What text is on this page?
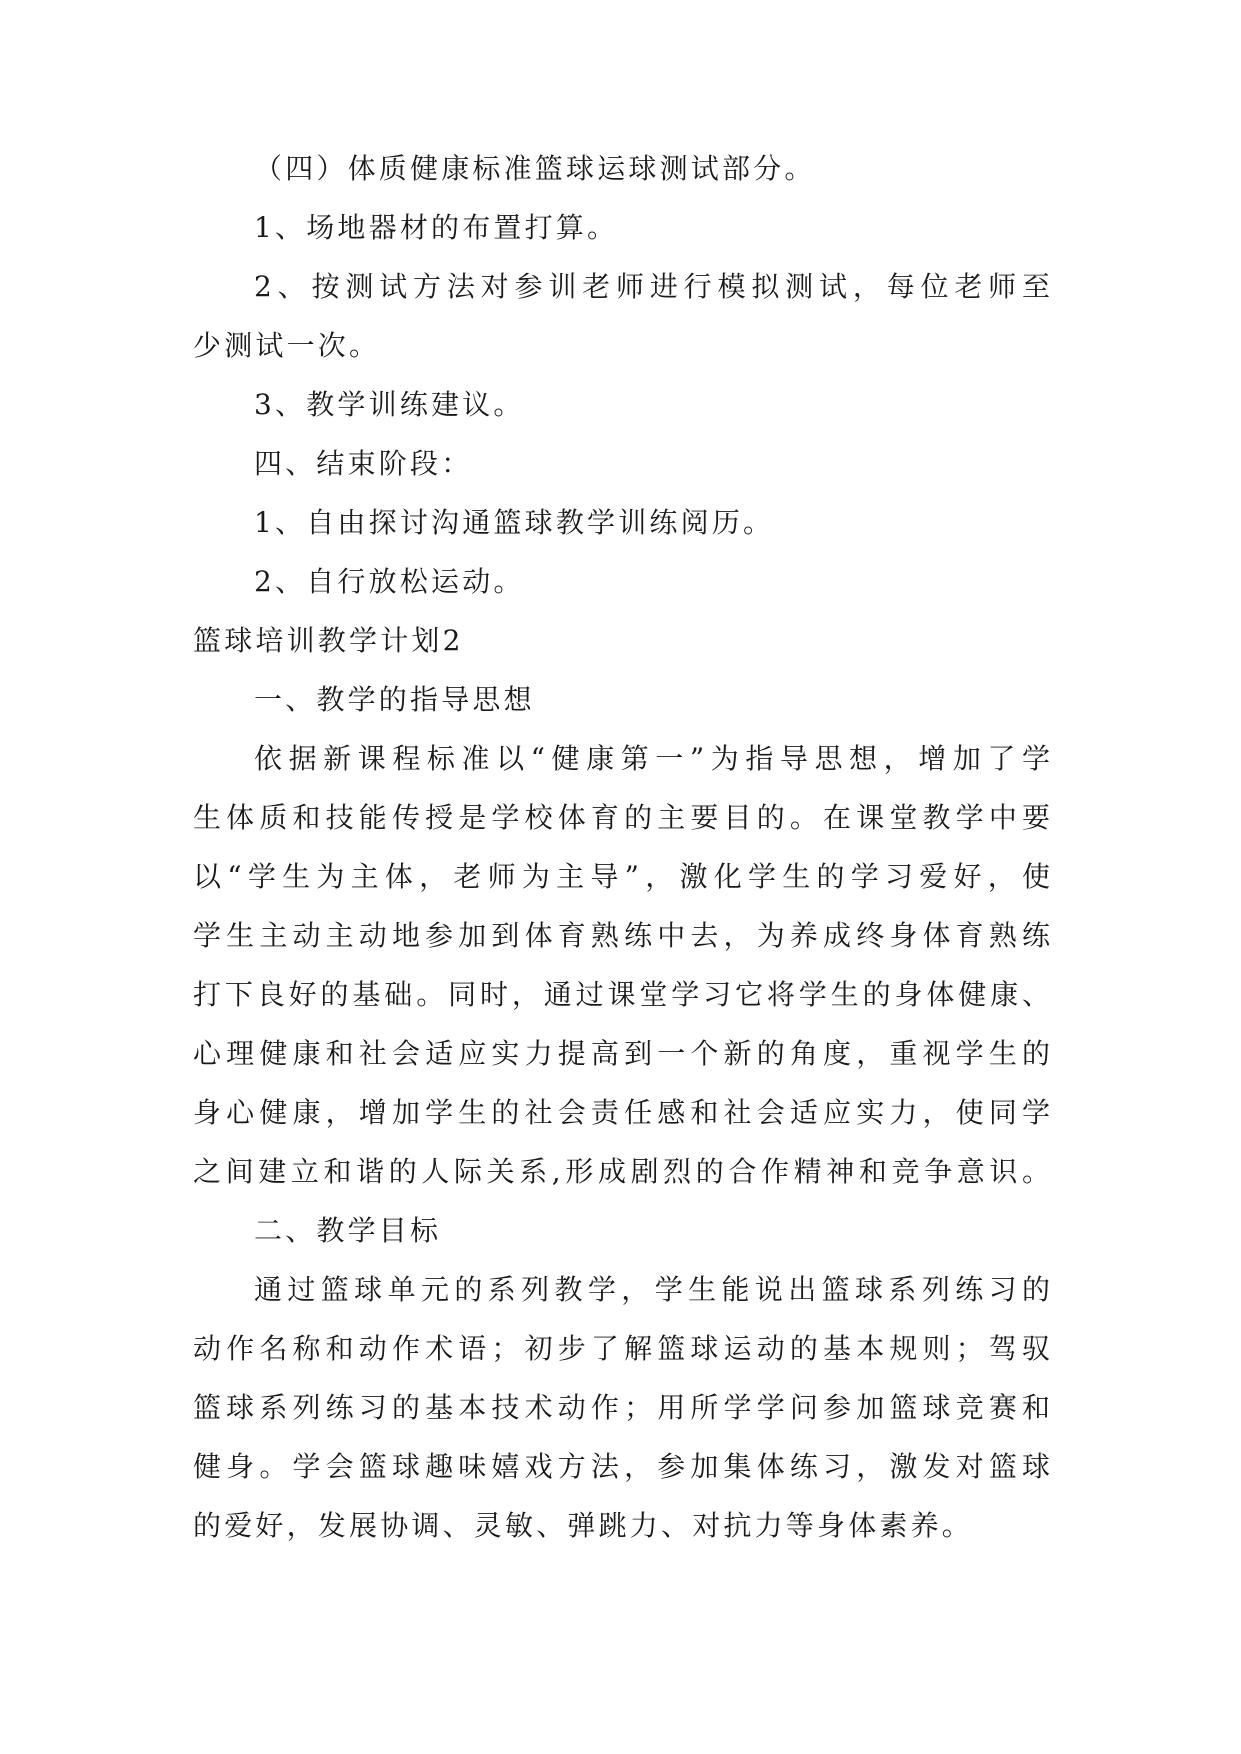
（四）体质健康标准篮球运球测试部分。
1、场地器材的布置打算。
2、按测试方法对参训老师进行模拟测试，每位老师至
少测试一次。
3、教学训练建议。
四、结束阶段：
1、自由探讨沟通篮球教学训练阅历。
2、自行放松运动。
篮球培训教学计划2
一、教学的指导思想
依据新课程标准以“健康第一”为指导思想，增加了学
生体质和技能传授是学校体育的主要目的。在课堂教学中要
以“学生为主体，老师为主导”，激化学生的学习爱好，使
学生主动主动地参加到体育熟练中去，为养成终身体育熟练
打下良好的基础。同时，通过课堂学习它将学生的身体健康、
心理健康和社会适应实力提高到一个新的角度，重视学生的
身心健康，增加学生的社会责任感和社会适应实力，使同学
之间建立和谐的人际关系,形成剧烈的合作精神和竞争意识。
二、教学目标
通过篮球单元的系列教学，学生能说出篮球系列练习的
动作名称和动作术语；初步了解篮球运动的基本规则；驾驭
篮球系列练习的基本技术动作；用所学学问参加篮球竞赛和
健身。学会篮球趣味嬉戏方法，参加集体练习，激发对篮球
的爱好，发展协调、灵敏、弹跳力、对抗力等身体素养。
